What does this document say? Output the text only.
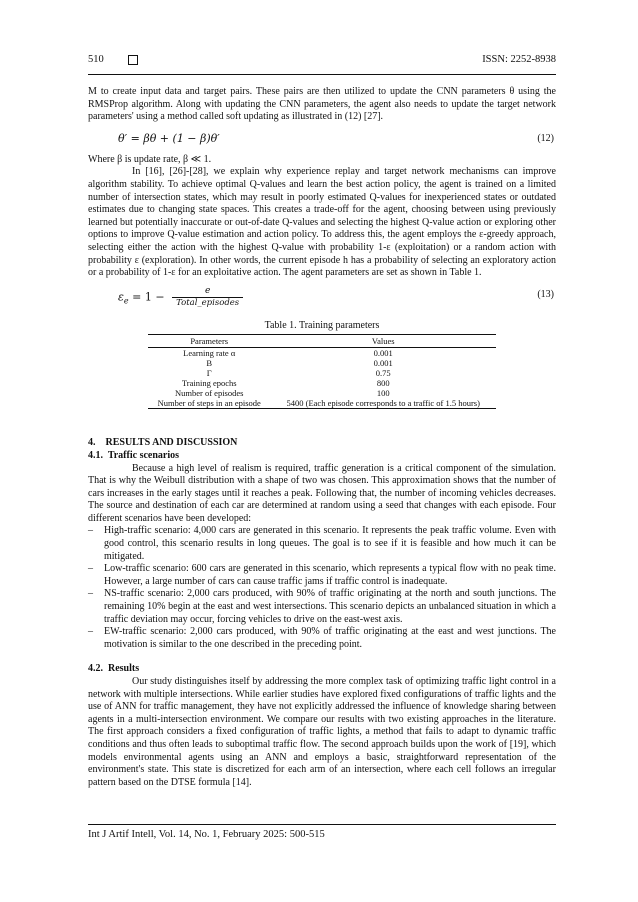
510	ISSN: 2252-8938

M to create input data and target pairs. These pairs are then utilized to update the CNN parameters θ using the RMSProp algorithm. Along with updating the CNN parameters, the agent also needs to update the target network parameters' using a method called soft updating as illustrated in (12) [27].

θ′ = βθ + (1 − β)θ′	(12)

Where β is update rate, β ≪ 1.

In [16], [26]-[28], we explain why experience replay and target network mechanisms can improve algorithm stability. To achieve optimal Q-values and learn the best action policy, the agent is trained on a limited number of intersection states, which may result in poorly estimated Q-values for inexperienced states or outdated estimates due to changing state spaces. This creates a trade-off for the agent, choosing between using previously learned but potentially inaccurate or out-of-date Q-values and selecting the highest Q-value action or exploring other options to improve Q-value estimation and action policy. To address this, the agent employs the ε-greedy approach, selecting either the action with the highest Q-value with probability 1-ε (exploitation) or a random action with probability ε (exploration). In other words, the current episode h has a probability of selecting an exploratory action or a probability of 1-ε for an exploitative action. The agent parameters are set as shown in Table 1.

$\varepsilon_e = 1 - \frac{e}{\text{Total\_episodes}}$	(13)
Table 1. Training parameters
Parameters	Values
Learning rate α	0.001
Β	0.001
Γ	0.75
Training epochs	800
Number of episodes	100
Number of steps in an episode	5400 (Each episode corresponds to a traffic of 1.5 hours)
4.    RESULTS AND DISCUSSION
4.1.  Traffic scenarios

Because a high level of realism is required, traffic generation is a critical component of the simulation. That is why the Weibull distribution with a shape of two was chosen. This approximation shows that the number of cars increases in the early stages until it reaches a peak. Following that, the number of incoming vehicles decreases. The source and destination of each car are determined at random using a seed that changes with each episode. Four different scenarios have been developed:

– High-traffic scenario: 4,000 cars are generated in this scenario. It represents the peak traffic volume. Even with good control, this scenario results in long queues. The goal is to see if it is feasible and how much it can be mitigated.
– Low-traffic scenario: 600 cars are generated in this scenario, which represents a typical flow with no peak time. However, a large number of cars can cause traffic jams if traffic control is inadequate.
– NS-traffic scenario: 2,000 cars produced, with 90% of traffic originating at the north and south junctions. The remaining 10% begin at the east and west intersections. This scenario depicts an unbalanced situation in which a traffic deviation may occur, forcing vehicles to drive on the east-west axis.
– EW-traffic scenario: 2,000 cars produced, with 90% of traffic originating at the east and west junctions. The motivation is similar to the one described in the preceding point.
4.2.  Results

Our study distinguishes itself by addressing the more complex task of optimizing traffic light control in a network with multiple intersections. While earlier studies have explored fixed configurations of traffic lights and the use of ANN for traffic management, they have not explicitly addressed the influence of knowledge sharing between agents in a multi-intersection environment. We compare our results with two existing approaches in the literature. The first approach considers a fixed configuration of traffic lights, a method that fails to adapt to dynamic traffic conditions and thus often leads to suboptimal traffic flow. The second approach builds upon the work of [19], which models environmental agents using an ANN and employs a basic, straightforward representation of the environment's state. This state is discretized for each arm of an intersection, where each cell follows an irregular pattern based on the DTSE formula [14].

Int J Artif Intell, Vol. 14, No. 1, February 2025: 500-515
